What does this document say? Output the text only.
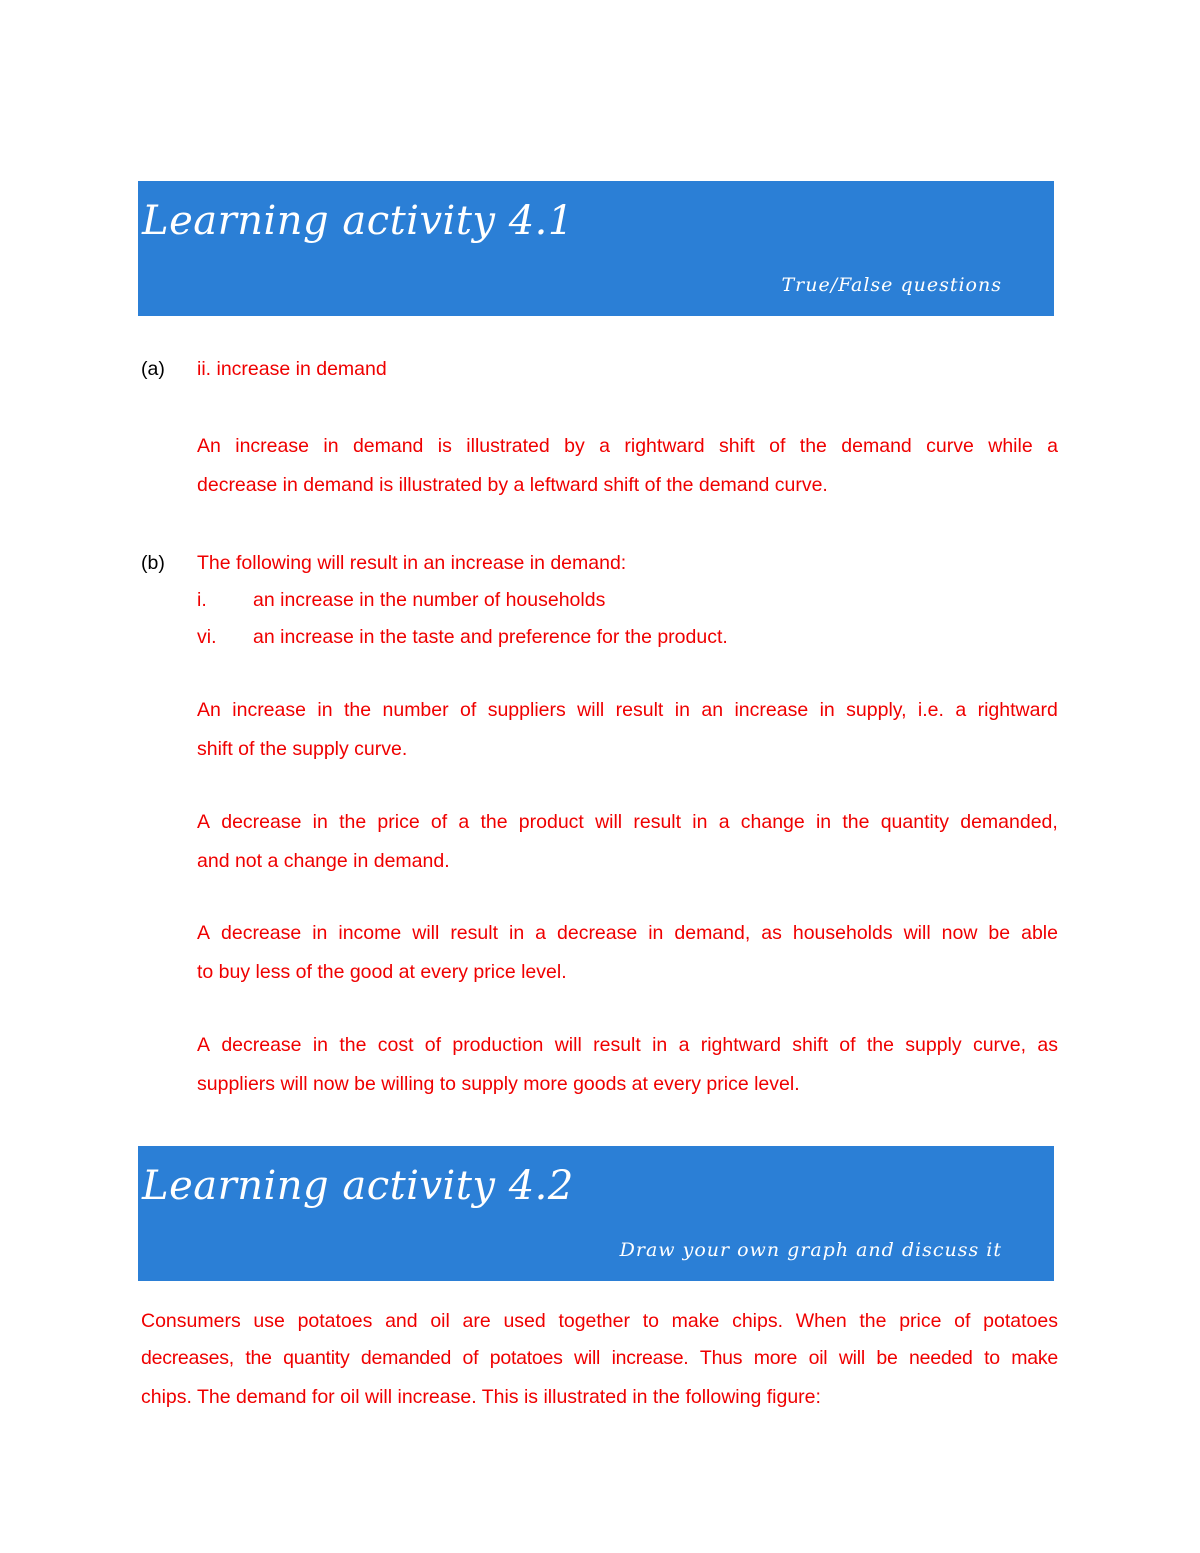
Learning activity 4.1
True/False questions
(a) ii. increase in demand
An increase in demand is illustrated by a rightward shift of the demand curve while a
decrease in demand is illustrated by a leftward shift of the demand curve.
(b) The following will result in an increase in demand:
i. an increase in the number of households
vi. an increase in the taste and preference for the product.
An increase in the number of suppliers will result in an increase in supply, i.e. a rightward
shift of the supply curve.
A decrease in the price of a the product will result in a change in the quantity demanded,
and not a change in demand.
A decrease in income will result in a decrease in demand, as households will now be able
to buy less of the good at every price level.
A decrease in the cost of production will result in a rightward shift of the supply curve, as
suppliers will now be willing to supply more goods at every price level.
Learning activity 4.2
Draw your own graph and discuss it
Consumers use potatoes and oil are used together to make chips. When the price of potatoes
decreases, the quantity demanded of potatoes will increase. Thus more oil will be needed to make
chips. The demand for oil will increase. This is illustrated in the following figure:
